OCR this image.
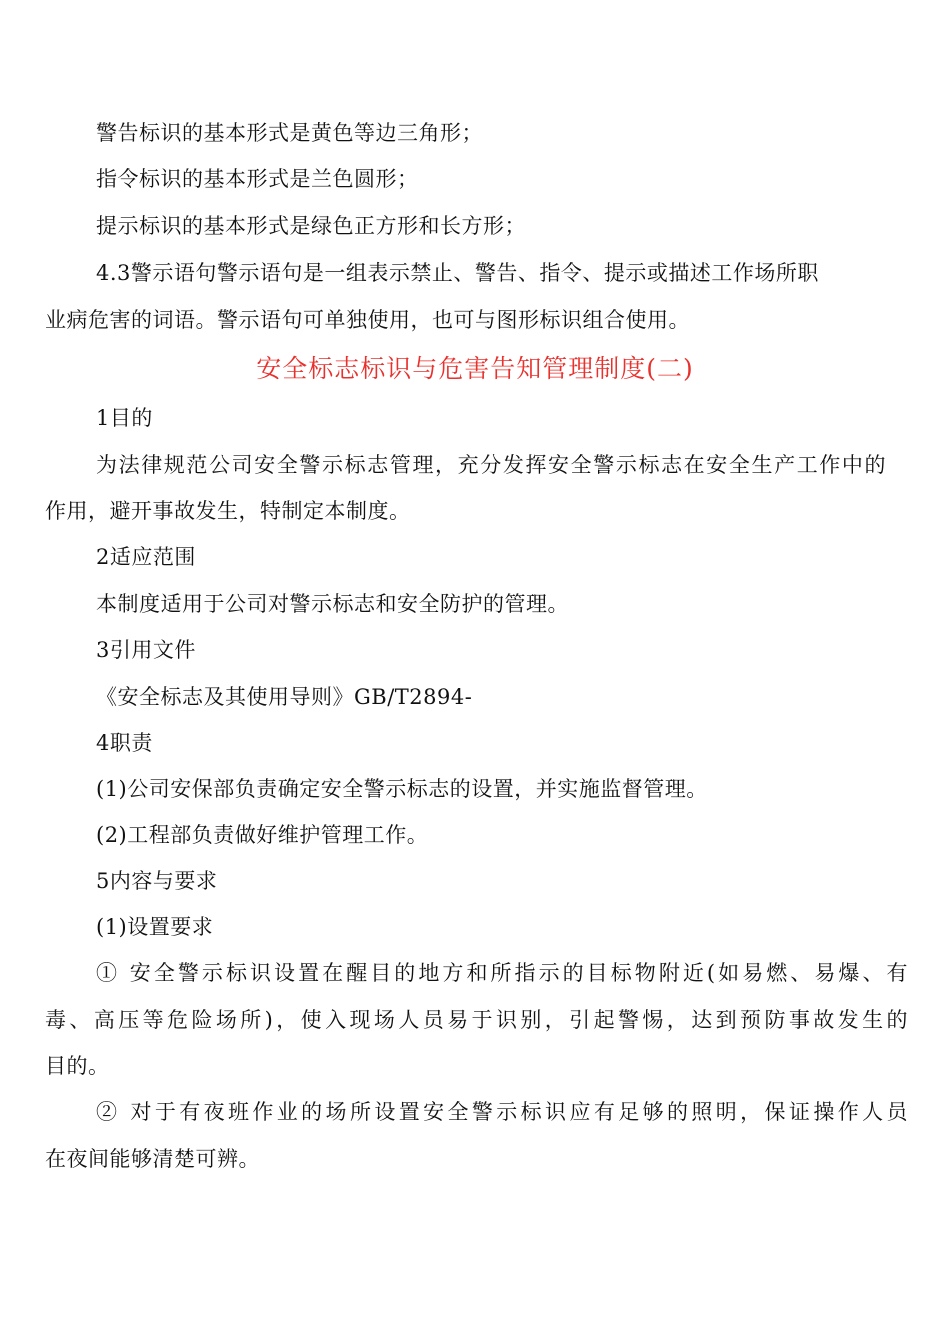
警告标识的基本形式是黄色等边三角形；
指令标识的基本形式是兰色圆形；
提示标识的基本形式是绿色正方形和长方形；
4.3警示语句警示语句是一组表示禁止、警告、指令、提示或描述工作场所职
业病危害的词语。警示语句可单独使用，也可与图形标识组合使用。
安全标志标识与危害告知管理制度(二)
1目的
为法律规范公司安全警示标志管理，充分发挥安全警示标志在安全生产工作中的
作用，避开事故发生，特制定本制度。
2适应范围
本制度适用于公司对警示标志和安全防护的管理。
3引用文件
《安全标志及其使用导则》GB/T2894-
4职责
(1)公司安保部负责确定安全警示标志的设置，并实施监督管理。
(2)工程部负责做好维护管理工作。
5内容与要求
(1)设置要求
① 安全警示标识设置在醒目的地方和所指示的目标物附近(如易燃、易爆、有
毒、高压等危险场所)，使入现场人员易于识别，引起警惕，达到预防事故发生的
目的。
② 对于有夜班作业的场所设置安全警示标识应有足够的照明，保证操作人员
在夜间能够清楚可辨。
